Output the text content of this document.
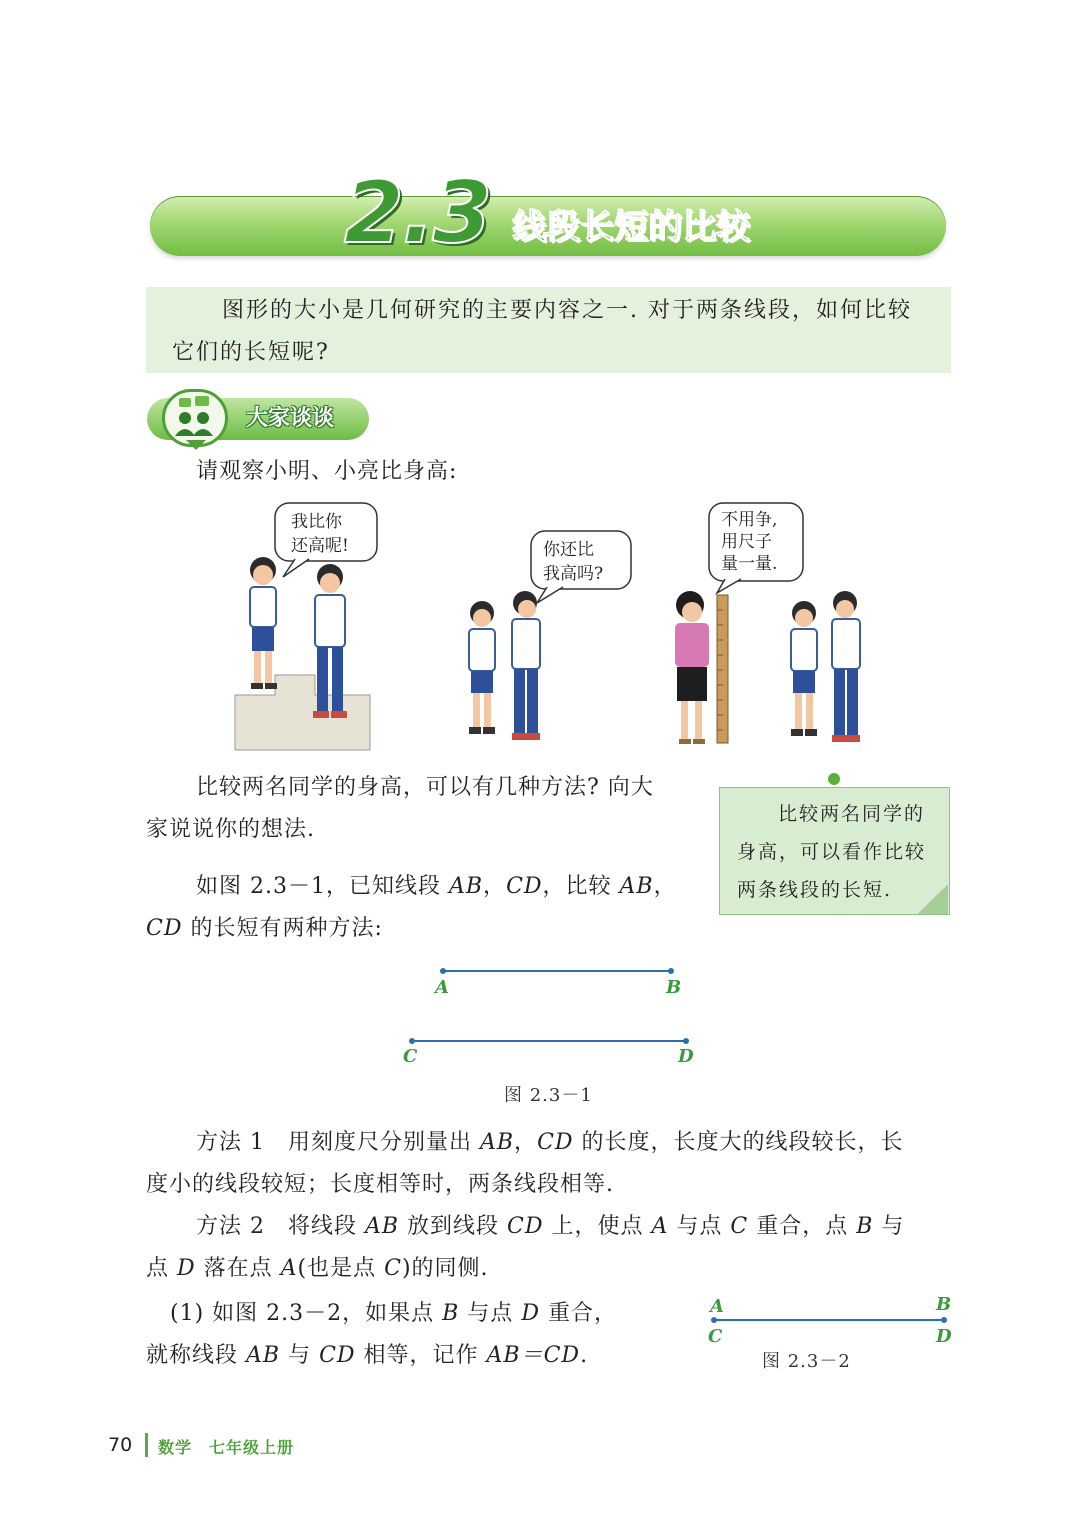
2.3 线段长短的比较
图形的大小是几何研究的主要内容之一. 对于两条线段，如何比较
它们的长短呢?
大家谈谈
请观察小明、小亮比身高:
我比你
还高呢!	你还比
我高吗?
不用争,
用尺子
量一量.
比较两名同学的身高，可以有几种方法? 向大
家说说你的想法.
比较两名同学的
身高，可以看作比较
两条线段的长短.
如图 2.3－1，已知线段 AB，CD，比较 AB，
CD 的长短有两种方法:
A	B
C	D
图 2.3－1
方法 1　用刻度尺分别量出 AB，CD 的长度，长度大的线段较长，长
度小的线段较短；长度相等时，两条线段相等.
方法 2　将线段 AB 放到线段 CD 上，使点 A 与点 C 重合，点 B 与
点 D 落在点 A(也是点 C)的同侧.
(1) 如图 2.3－2，如果点 B 与点 D 重合，
就称线段 AB 与 CD 相等，记作 AB＝CD.
A
C
B
D
图 2.3－2
70 数学　七年级上册
